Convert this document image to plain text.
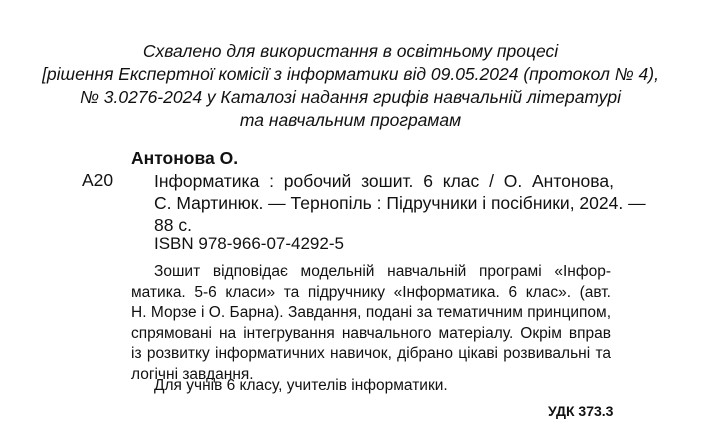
Схвалено для використання в освітньому процесі
[рішення Експертної комісії з інформатики від 09.05.2024 (протокол № 4),
№ 3.0276-2024 у Каталозі надання грифів навчальній літературі
та навчальним програмам
Антонова О.
А20 Інформатика : робочий зошит. 6 клас / О. Антонова,
С. Мартинюк. — Тернопіль : Підручники і посібники, 2024. —
88 с.
ISBN 978-966-07-4292-5
Зошит відповідає модельній навчальній програмі «Інфор-
матика. 5-6 класи» та підручнику «Інформатика. 6 клас». (авт.
Н. Морзе і О. Барна). Завдання, подані за тематичним принципом,
спрямовані на інтегрування навчального матеріалу. Окрім вправ
із розвитку інформатичних навичок, дібрано цікаві розвивальні та
логічні завдання.
Для учнів 6 класу, учителів інформатики.
УДК 373.3
